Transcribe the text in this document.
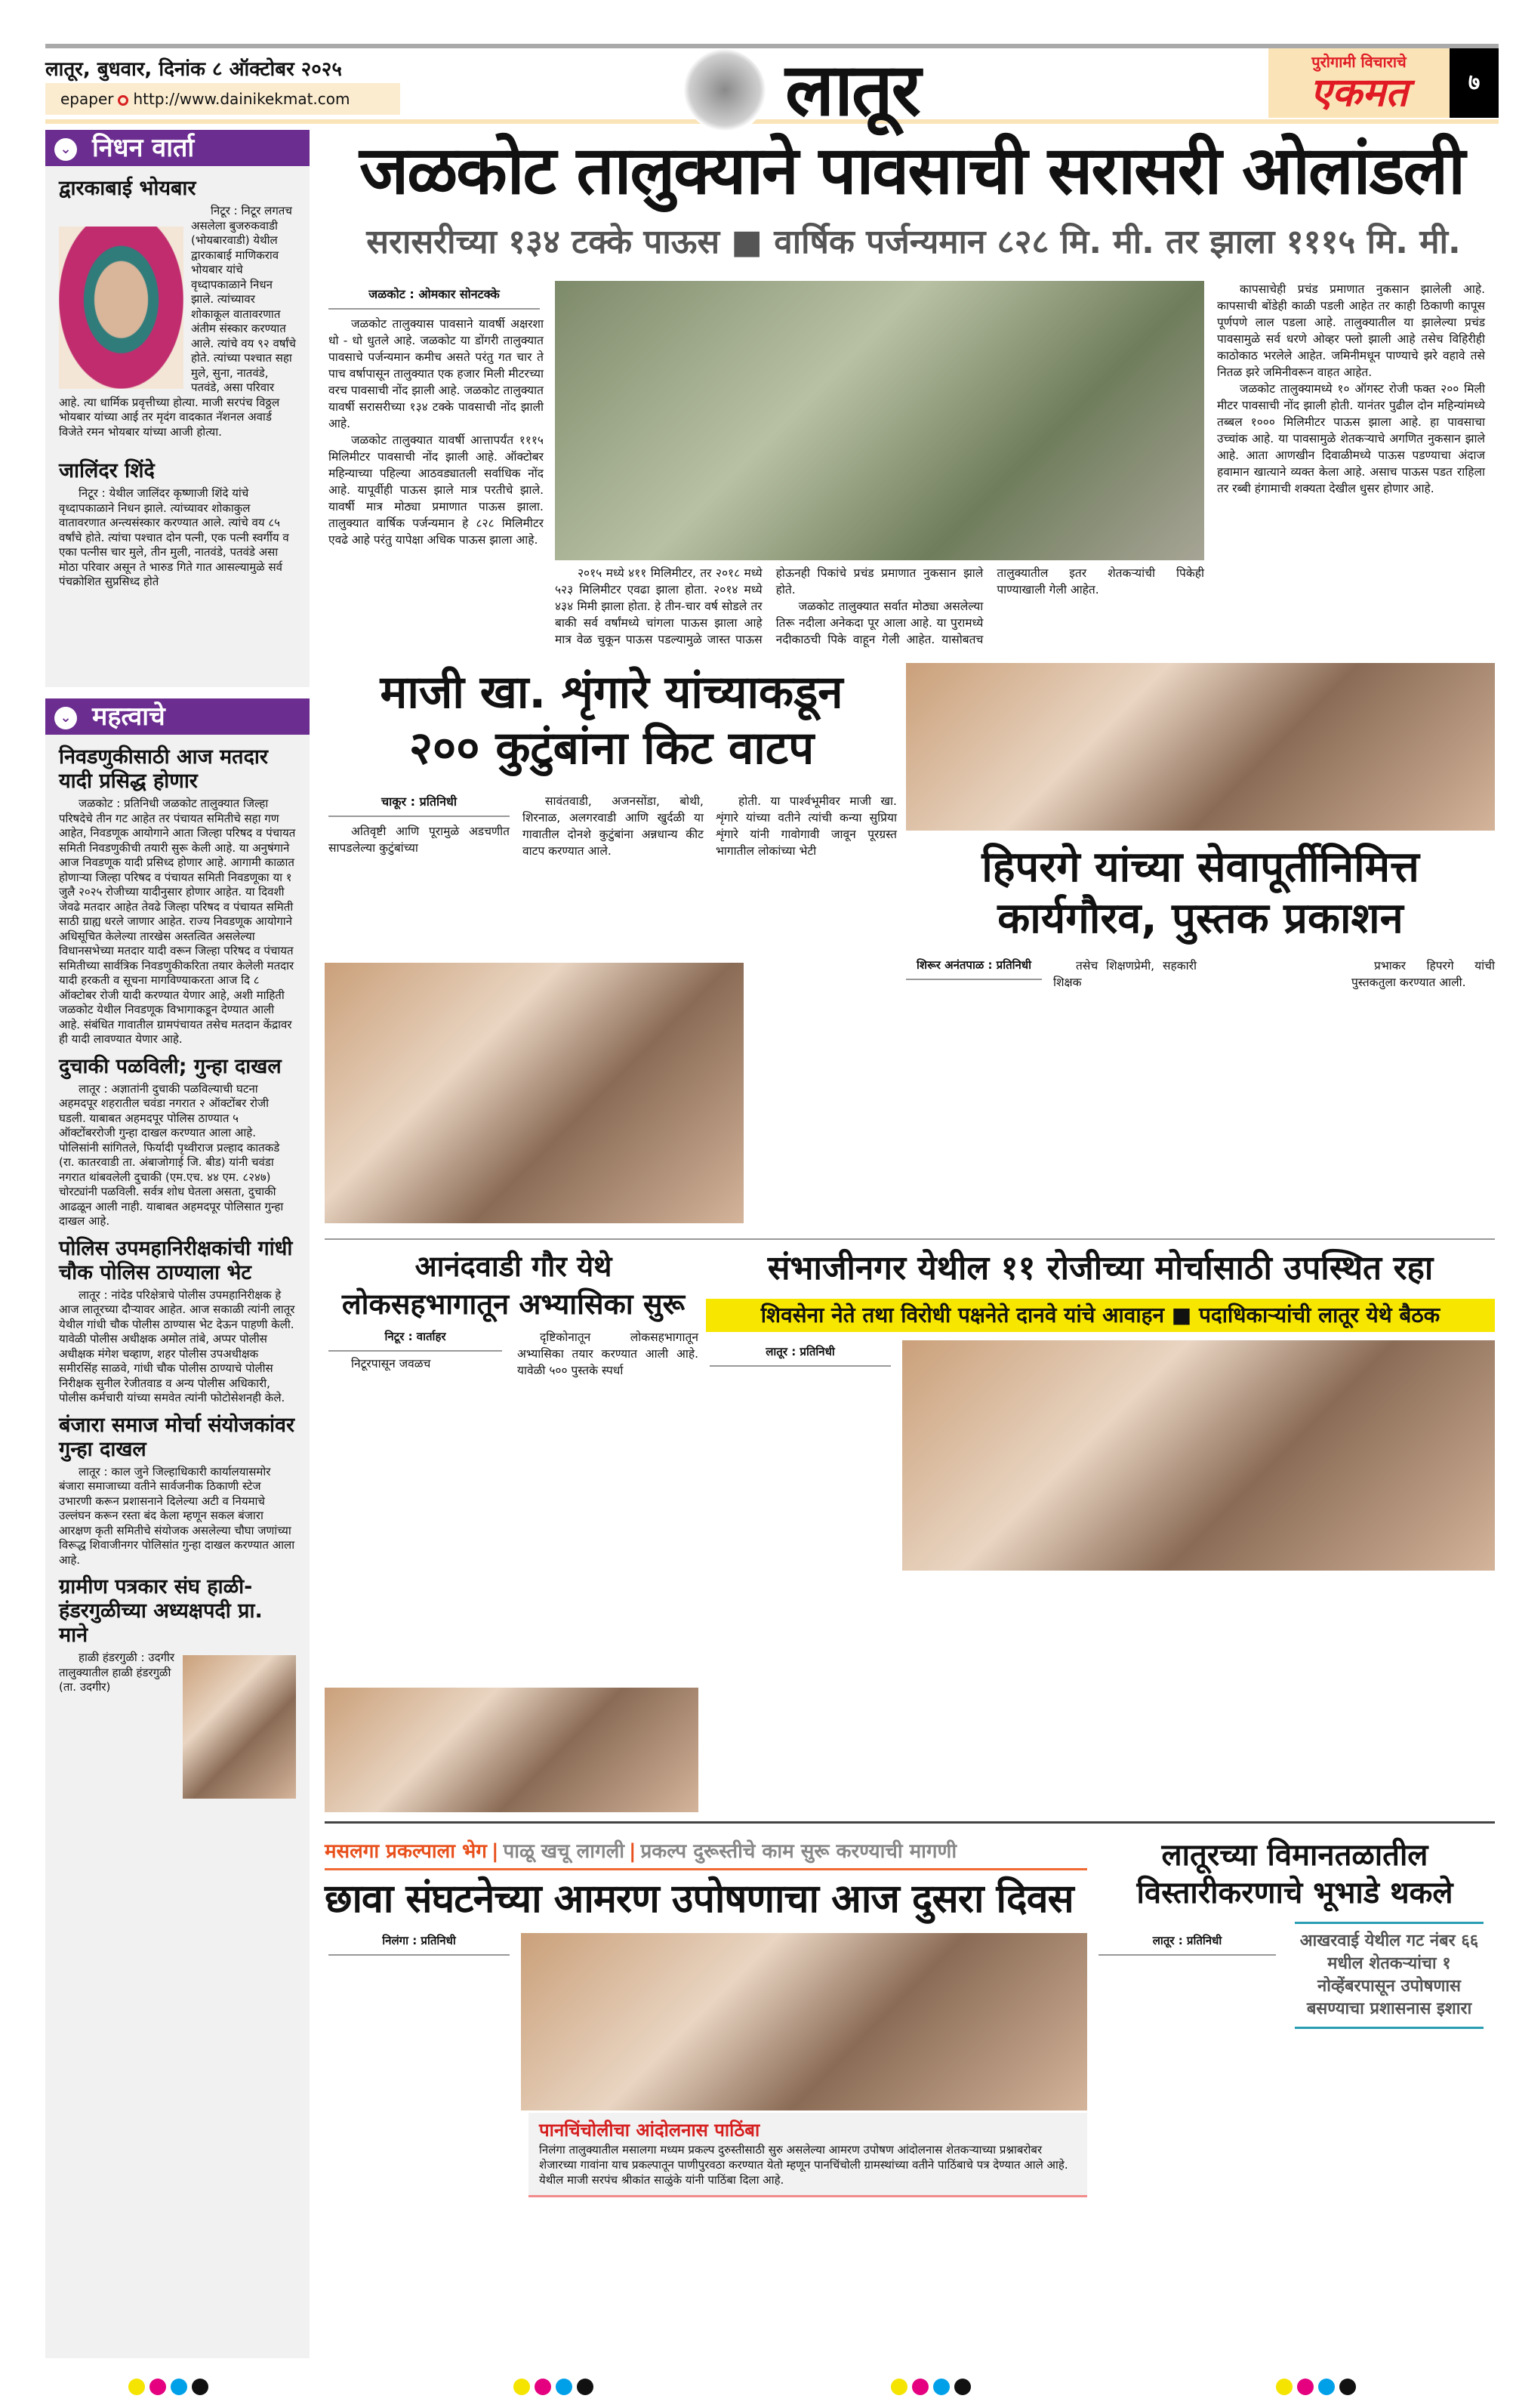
लातूर, बुधवार, दिनांक ८ ऑक्टोबर २०२५
epaper http://www.dainikekmat.com	लातूर	पुरोगामी विचाराचे
एकमत	७
⌄ निधन वार्ता
द्वारकाबाई भोयबार

निटूर : निटूर लगतच असलेला बुजरुकवाडी (भोयबारवाडी) येथील द्वारकाबाई माणिकराव भोयबार यांचे वृध्दापकाळाने निधन झाले. त्यांच्यावर शोकाकूल वातावरणात अंतीम संस्कार करण्यात आले. त्यांचे वय ९२ वर्षांचे होते. त्यांच्या पश्चात सहा मुले, सुना, नातवंडे, पतवंडे, असा परिवार आहे. त्या धार्मिक प्रवृत्तीच्या होत्या. माजी सरपंच विठ्ठल भोयबार यांच्या आई तर मृदंग वादकात नॅशनल अवार्ड विजेते रमन भोयबार यांच्या आजी होत्या.

जालिंदर शिंदे

निटूर : येथील जालिंदर कृष्णाजी शिंदे यांचे वृध्दापकाळाने निधन झाले. त्यांच्यावर शोकाकुल वातावरणात अन्त्यसंस्कार करण्यात आले. त्यांचे वय ८५ वर्षांचे होते. त्यांचा पश्चात दोन पत्नी, एक पत्नी स्वर्गीय व एका पत्नीस चार मुले, तीन मुली, नातवंडे, पतवंडे असा मोठा परिवार असून ते भारुड गिते गात आसल्यामुळे सर्व पंचक्रोशित सुप्रसिध्द होते

⌄ महत्वाचे
निवडणुकीसाठी आज मतदार यादी प्रसिद्ध होणार

जळकोट : प्रतिनिधी जळकोट तालुक्यात जिल्हा परिषदेचे तीन गट आहेत तर पंचायत समितीचे सहा गण आहेत, निवडणूक आयोगाने आता जिल्हा परिषद व पंचायत समिती निवडणुकीची तयारी सुरू केली आहे. या अनुषंगाने आज निवडणूक यादी प्रसिध्द होणार आहे. आगामी काळात होणाऱ्या जिल्हा परिषद व पंचायत समिती निवडणूका या १ जुलै २०२५ रोजीच्या यादीनुसार होणार आहेत. या दिवशी जेवढे मतदार आहेत तेवढे जिल्हा परिषद व पंचायत समिती साठी ग्राह्य धरले जाणार आहेत. राज्य निवडणूक आयोगाने अधिसूचित केलेल्या तारखेस अस्तत्वित असलेल्या विधानसभेच्या मतदार यादी वरून जिल्हा परिषद व पंचायत समितीच्या सार्वत्रिक निवडणुकीकरिता तयार केलेली मतदार यादी हरकती व सूचना मागविण्याकरता आज दि ८ ऑक्टोबर रोजी यादी करण्यात येणार आहे, अशी माहिती जळकोट येथील निवडणूक विभागाकडून देण्यात आली आहे. संबंधित गावातील ग्रामपंचायत तसेच मतदान केंद्रावर ही यादी लावण्यात येणार आहे.

दुचाकी पळविली; गुन्हा दाखल

लातूर : अज्ञातांनी दुचाकी पळविल्याची घटना अहमदपूर शहरातील चवंडा नगरात २ ऑक्टोंबर रोजी घडली. याबाबत अहमदपूर पोलिस ठाण्यात ५ ऑक्टोंबररोजी गुन्हा दाखल करण्यात आला आहे. पोलिसांनी सांगितले, फिर्यादी पृथ्वीराज प्रल्हाद कातकडे (रा. कातरवाडी ता. अंबाजोगाई जि. बीड) यांनी चवंडा नगरात थांबवलेली दुचाकी (एम.एच. ४४ एम. ८२४७) चोरट्यांनी पळविली. सर्वत्र शोध घेतला असता, दुचाकी आढळून आली नाही. याबाबत अहमदपूर पोलिसात गुन्हा दाखल आहे.

पोलिस उपमहानिरीक्षकांची गांधी चौक पोलिस ठाण्याला भेट

लातूर : नांदेड परिक्षेत्राचे पोलीस उपमहानिरीक्षक हे आज लातूरच्या दौऱ्यावर आहेत. आज सकाळी त्यांनी लातूर येथील गांधी चौक पोलीस ठाण्यास भेट देऊन पाहणी केली. यावेळी पोलीस अधीक्षक अमोल तांबे, अप्पर पोलीस अधीक्षक मंगेश चव्हाण, शहर पोलीस उपअधीक्षक समीरसिंह साळवे, गांधी चौक पोलीस ठाण्याचे पोलीस निरीक्षक सुनील रेजीतवाड व अन्य पोलीस अधिकारी, पोलीस कर्मचारी यांच्या समवेत त्यांनी फोटोसेशनही केले.

बंजारा समाज मोर्चा संयोजकांवर गुन्हा दाखल

लातूर : काल जुने जिल्हाधिकारी कार्यालयासमोर बंजारा समाजाच्या वतीने सार्वजनीक ठिकाणी स्टेज उभारणी करून प्रशासनाने दिलेल्या अटी व नियमाचे उल्लंघन करून रस्ता बंद केला म्हणून सकल बंजारा आरक्षण कृती समितीचे संयोजक असलेल्या चौघा जणांच्या विरूद्ध शिवाजीनगर पोलिसांत गुन्हा दाखल करण्यात आला आहे.

ग्रामीण पत्रकार संघ हाळी-हंडरगुळीच्या अध्यक्षपदी प्रा. माने

हाळी हंडरगुळी : उदगीर तालुक्यातील हाळी हंडरगुळी (ता. उदगीर)

जळकोट तालुक्याने पावसाची सरासरी ओलांडली
सरासरीच्या १३४ टक्के पाऊस ■ वार्षिक पर्जन्यमान ८२८ मि. मी. तर झाला १११५ मि. मी.
जळकोट : ओमकार सोनटक्के

जळकोट तालुक्यास पावसाने यावर्षी अक्षरशा धो - धो धुतले आहे. जळकोट या डोंगरी तालुक्यात पावसाचे पर्जन्यमान कमीच असते परंतु गत चार ते पाच वर्षापासून तालुक्यात एक हजार मिली मीटरच्या वरच पावसाची नोंद झाली आहे. जळकोट तालुक्यात यावर्षी सरासरीच्या १३४ टक्के पावसाची नोंद झाली आहे.

जळकोट तालुक्यात यावर्षी आत्तापर्यंत १११५ मिलिमीटर पावसाची नोंद झाली आहे. ऑक्टोबर महिन्याच्या पहिल्या आठवड्यातली सर्वाधिक नोंद आहे. यापूर्वीही पाऊस झाले मात्र परतीचे झाले. यावर्षी मात्र मोठ्या प्रमाणात पाऊस झाला. तालुक्यात वार्षिक पर्जन्यमान हे ८२८ मिलिमीटर एवढे आहे परंतु यापेक्षा अधिक पाऊस झाला आहे.

२०१५ मध्ये ४११ मिलिमीटर, तर २०१८ मध्ये ५२३ मिलिमीटर एवढा झाला होता. २०१४ मध्ये ४३४ मिमी झाला होता. हे तीन-चार वर्ष सोडले तर बाकी सर्व वर्षांमध्ये चांगला पाऊस झाला आहे मात्र वेळ चुकून पाऊस पडल्यामुळे जास्त पाऊस होऊनही पिकांचे प्रचंड प्रमाणात नुकसान झाले होते.

जळकोट तालुक्यात सर्वात मोठ्या असलेल्या तिरू नदीला अनेकदा पूर आला आहे. या पुरामध्ये नदीकाठची पिके वाहून गेली आहेत. यासोबतच तालुक्यातील इतर शेतकऱ्यांची पिकेही पाण्याखाली गेली आहेत.

कापसाचेही प्रचंड प्रमाणात नुकसान झालेली आहे. कापसाची बोंडेही काळी पडली आहेत तर काही ठिकाणी कापूस पूर्णपणे लाल पडला आहे. तालुक्यातील या झालेल्या प्रचंड पावसामुळे सर्व धरणे ओव्हर फ्लो झाली आहे तसेच विहिरीही काठोकाठ भरलेले आहेत. जमिनीमधून पाण्याचे झरे वहावे तसे नितळ झरे जमिनीवरून वाहत आहेत.

जळकोट तालुक्यामध्ये १० ऑगस्ट रोजी फक्त २०० मिली मीटर पावसाची नोंद झाली होती. यानंतर पुढील दोन महिन्यांमध्ये तब्बल १००० मिलिमीटर पाऊस झाला आहे. हा पावसाचा उच्चांक आहे. या पावसामुळे शेतकऱ्याचे अगणित नुकसान झाले आहे. आता आणखीन दिवाळीमध्ये पाऊस पडण्याचा अंदाज हवामान खात्याने व्यक्त केला आहे. असाच पाऊस पडत राहिला तर रब्बी हंगामाची शक्यता देखील धुसर होणार आहे.

माजी खा. शृंगारे यांच्याकडून
२०० कुटुंबांना किट वाटप
चाकूर : प्रतिनिधी

अतिवृष्टी आणि पूरामुळे अडचणीत सापडलेल्या कुटुंबांच्या

सावंतवाडी, अजनसोंडा, बोथी, शिरनाळ, अलगरवाडी आणि खुर्दळी या गावातील दोनशे कुटुंबांना अन्नधान्य कीट वाटप करण्यात आले.

होती. या पार्श्वभूमीवर माजी खा. शृंगारे यांच्या वतीने त्यांची कन्या सुप्रिया शृंगारे यांनी गावोगावी जावून पूरग्रस्त भागातील लोकांच्या भेटी	हिपरगे यांच्या सेवापूर्तीनिमित्त
कार्यगौरव, पुस्तक प्रकाशन
शिरूर अनंतपाळ : प्रतिनिधी	तसेच शिक्षणप्रेमी, सहकारी शिक्षक

प्रभाकर हिपरगे यांची पुस्तकतुला करण्यात आली.

आनंदवाडी गौर येथे
लोकसहभागातून अभ्यासिका सुरू
निटूर : वार्ताहर

निटूरपासून जवळच

दृष्टिकोनातून लोकसहभागातून अभ्यासिका तयार करण्यात आली आहे. यावेळी ५०० पुस्तके स्पर्धा

संभाजीनगर येथील ११ रोजीच्या मोर्चासाठी उपस्थित रहा
शिवसेना नेते तथा विरोधी पक्षनेते दानवे यांचे आवाहन ■ पदाधिकाऱ्यांची लातूर येथे बैठक
लातूर : प्रतिनिधी
मसलगा प्रकल्पाला भेग | पाळू खचू लागली | प्रकल्प दुरूस्तीचे काम सुरू करण्याची मागणी
छावा संघटनेच्या आमरण उपोषणाचा आज दुसरा दिवस
निलंगा : प्रतिनिधी
पानचिंचोलीचा आंदोलनास पाठिंबा
निलंगा तालुक्यातील मसालगा मध्यम प्रकल्प दुरुस्तीसाठी सुरु असलेल्या आमरण उपोषण आंदोलनास शेतकऱ्याच्या प्रश्नाबरोबर शेजारच्या गावांना याच प्रकल्पातून पाणीपुरवठा करण्यात येतो म्हणून पानचिंचोली ग्रामस्थांच्या वतीने पाठिंबाचे पत्र देण्यात आले आहे. येथील माजी सरपंच श्रीकांत साळुंके यांनी पाठिंबा दिला आहे.
लातूरच्या विमानतळातील
विस्तारीकरणाचे भूभाडे थकले
लातूर : प्रतिनिधी	आखरवाई येथील गट नंबर ६६ मधील शेतकऱ्यांचा १ नोव्हेंबरपासून उपोषणास बसण्याचा प्रशासनास इशारा
